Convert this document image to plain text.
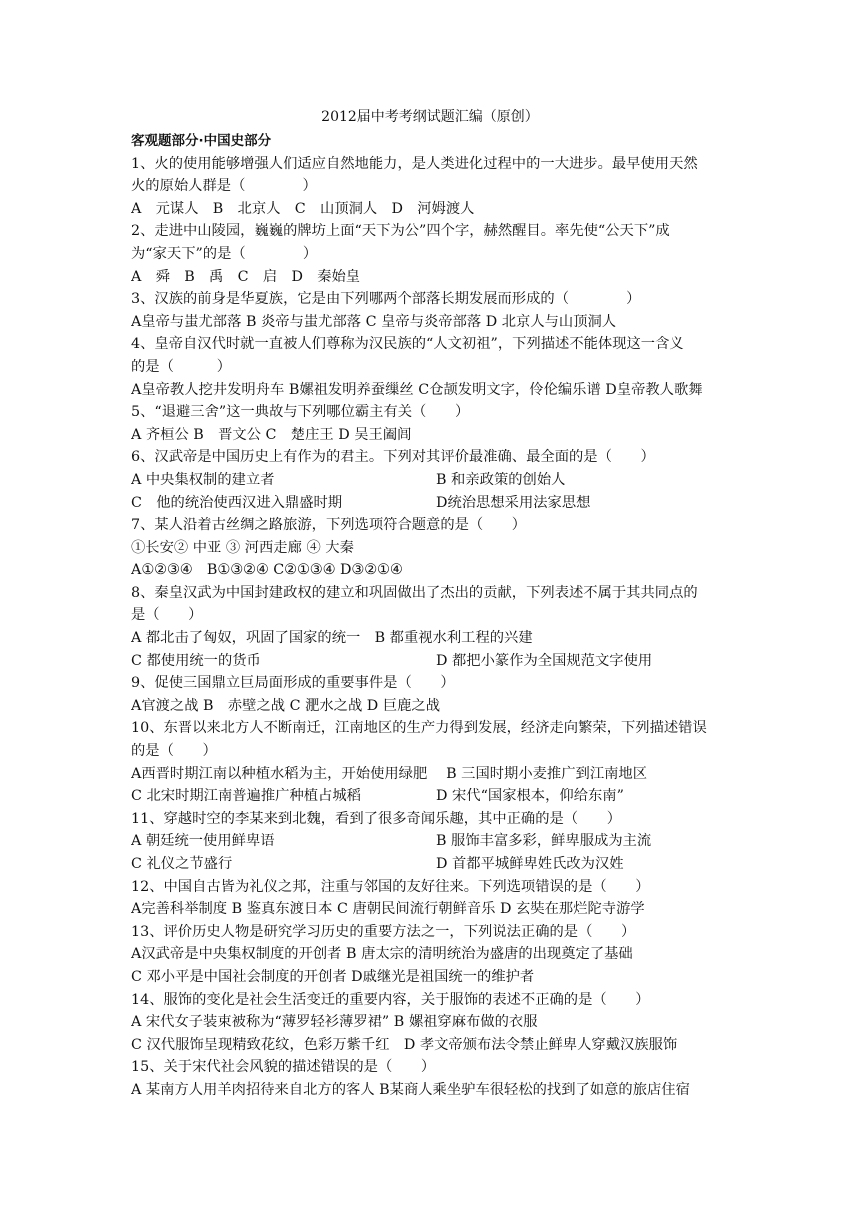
2012届中考考纲试题汇编（原创）
客观题部分·中国史部分
1、火的使用能够增强人们适应自然地能力，是人类进化过程中的一大进步。最早使用天然
火的原始人群是（　　　　）
A　元谋人　B　北京人　C　山顶洞人　D　河姆渡人
2、走进中山陵园，巍巍的牌坊上面“天下为公”四个字，赫然醒目。率先使“公天下”成
为“家天下”的是（　　　　）
A　舜　B　禹　C　启　D　秦始皇
3、汉族的前身是华夏族，它是由下列哪两个部落长期发展而形成的（　　　　）
A皇帝与蚩尤部落 B 炎帝与蚩尤部落 C 皇帝与炎帝部落 D 北京人与山顶洞人
4、皇帝自汉代时就一直被人们尊称为汉民族的“人文初祖”，下列描述不能体现这一含义
的是（　　　）
A皇帝教人挖井发明舟车 B嫘祖发明养蚕缫丝 C仓颉发明文字，伶伦编乐谱 D皇帝教人歌舞
5、“退避三舍”这一典故与下列哪位霸主有关（　　）
A 齐桓公 B　晋文公 C　楚庄王 D 吴王阖闾
6、汉武帝是中国历史上有作为的君主。下列对其评价最准确、最全面的是（　　）
A 中央集权制的建立者	B 和亲政策的创始人
C　他的统治使西汉进入鼎盛时期	D统治思想采用法家思想
7、某人沿着古丝绸之路旅游，下列选项符合题意的是（　　）
①长安② 中亚 ③ 河西走廊 ④ 大秦
A①②③④　B①③②④ C②①③④ D③②①④
8、秦皇汉武为中国封建政权的建立和巩固做出了杰出的贡献，下列表述不属于其共同点的
是（　　）
A 都北击了匈奴，巩固了国家的统一　B 都重视水利工程的兴建
C 都使用统一的货币	D 都把小篆作为全国规范文字使用
9、促使三国鼎立巨局面形成的重要事件是（　　）
A官渡之战 B　赤壁之战 C 淝水之战 D 巨鹿之战
10、东晋以来北方人不断南迁，江南地区的生产力得到发展，经济走向繁荣，下列描述错误
的是（　　）
A西晋时期江南以种植水稻为主，开始使用绿肥　 B 三国时期小麦推广到江南地区
C 北宋时期江南普遍推广种植占城稻	D 宋代“国家根本，仰给东南”
11、穿越时空的李某来到北魏，看到了很多奇闻乐趣，其中正确的是（　　）
A 朝廷统一使用鲜卑语	B 服饰丰富多彩，鲜卑服成为主流
C 礼仪之节盛行	D 首都平城鲜卑姓氏改为汉姓
12、中国自古皆为礼仪之邦，注重与邻国的友好往来。下列选项错误的是（　　）
A完善科举制度 B 鉴真东渡日本 C 唐朝民间流行朝鲜音乐 D 玄奘在那烂陀寺游学
13、评价历史人物是研究学习历史的重要方法之一，下列说法正确的是（　　）
A汉武帝是中央集权制度的开创者 B 唐太宗的清明统治为盛唐的出现奠定了基础
C 邓小平是中国社会制度的开创者 D戚继光是祖国统一的维护者
14、服饰的变化是社会生活变迁的重要内容，关于服饰的表述不正确的是（　　）
A 宋代女子装束被称为“薄罗轻衫薄罗裙” B 嫘祖穿麻布做的衣服
C 汉代服饰呈现精致花纹，色彩万紫千红　D 孝文帝颁布法令禁止鲜卑人穿戴汉族服饰
15、关于宋代社会风貌的描述错误的是（　　）
A 某南方人用羊肉招待来自北方的客人 B某商人乘坐驴车很轻松的找到了如意的旅店住宿
